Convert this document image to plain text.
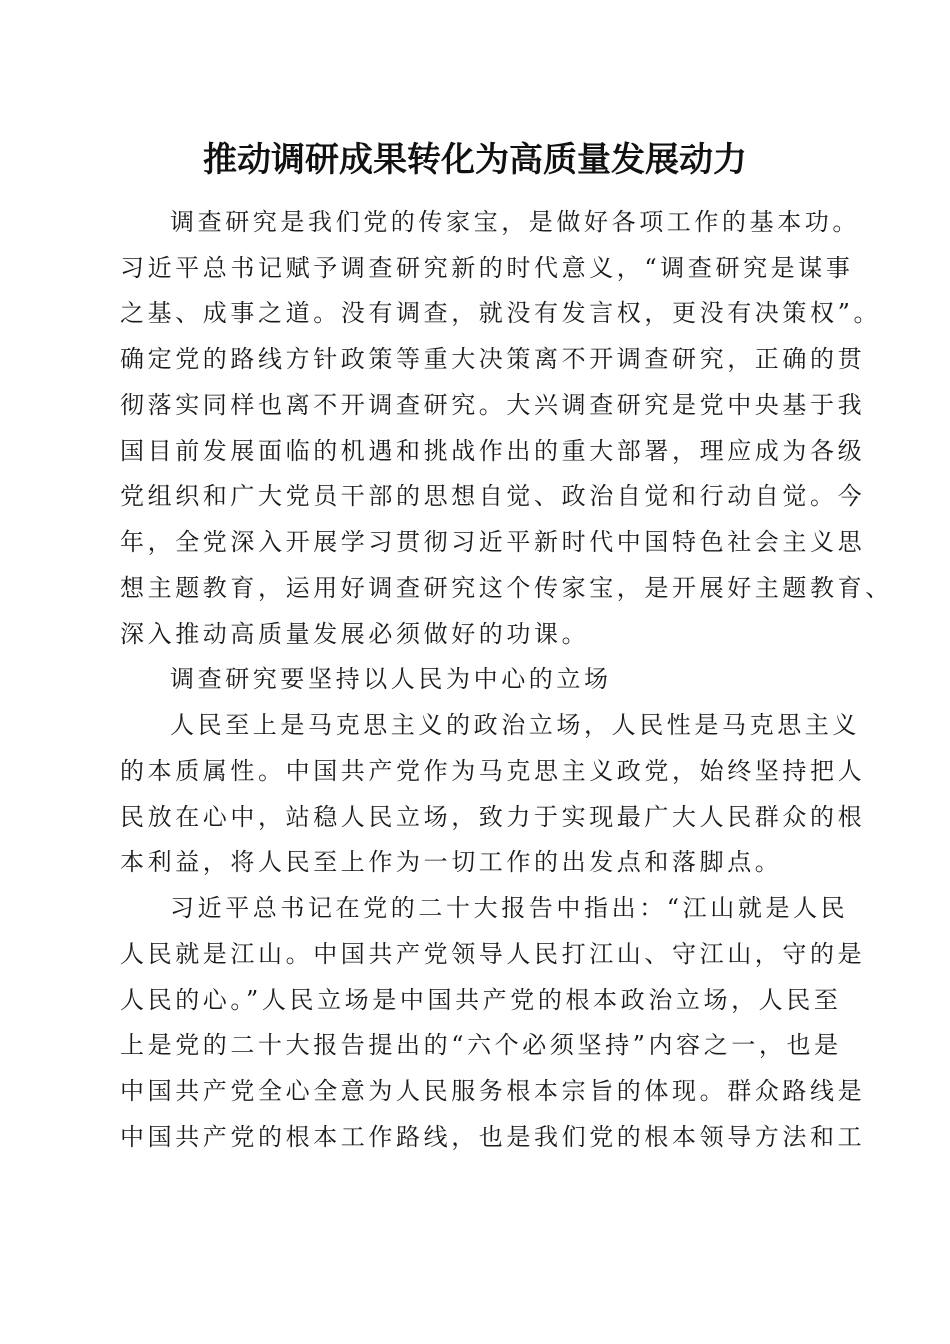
推动调研成果转化为高质量发展动力

调查研究是我们党的传家宝，是做好各项工作的基本功。

习近平总书记赋予调查研究新的时代意义，“调查研究是谋事

之基、成事之道。没有调查，就没有发言权，更没有决策权”。

确定党的路线方针政策等重大决策离不开调查研究，正确的贯

彻落实同样也离不开调查研究。大兴调查研究是党中央基于我

国目前发展面临的机遇和挑战作出的重大部署，理应成为各级

党组织和广大党员干部的思想自觉、政治自觉和行动自觉。今

年，全党深入开展学习贯彻习近平新时代中国特色社会主义思

想主题教育，运用好调查研究这个传家宝，是开展好主题教育、

深入推动高质量发展必须做好的功课。

调查研究要坚持以人民为中心的立场

人民至上是马克思主义的政治立场，人民性是马克思主义

的本质属性。中国共产党作为马克思主义政党，始终坚持把人

民放在心中，站稳人民立场，致力于实现最广大人民群众的根

本利益，将人民至上作为一切工作的出发点和落脚点。

习近平总书记在党的二十大报告中指出：“江山就是人民

人民就是江山。中国共产党领导人民打江山、守江山，守的是

人民的心。”人民立场是中国共产党的根本政治立场，人民至

上是党的二十大报告提出的“六个必须坚持”内容之一，也是

中国共产党全心全意为人民服务根本宗旨的体现。群众路线是

中国共产党的根本工作路线，也是我们党的根本领导方法和工
